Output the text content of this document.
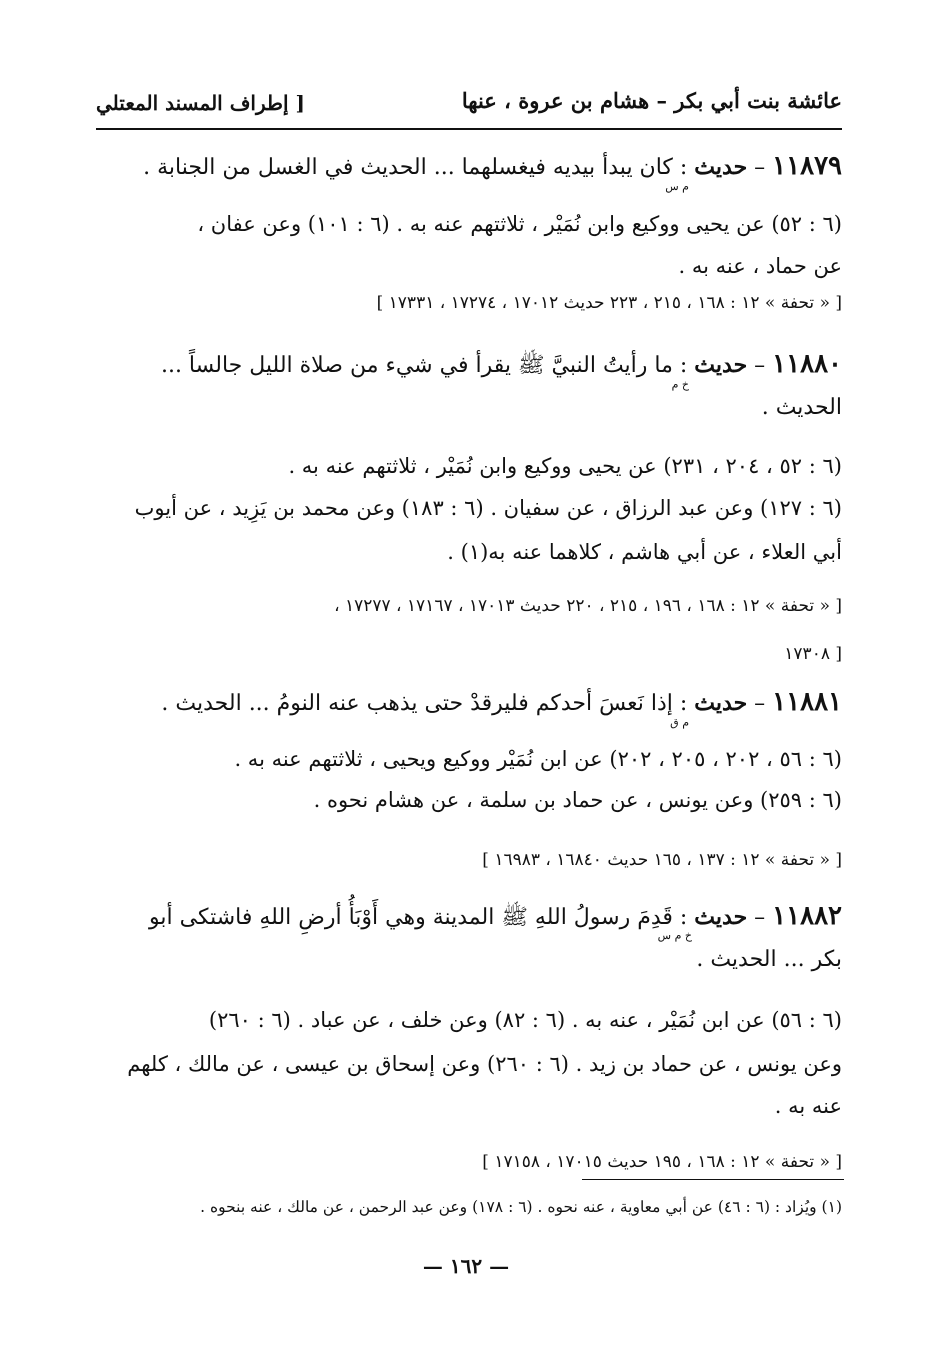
عائشة بنت أبي بكر – هشام بن عروة ، عنها
[ إطراف المسند المعتلي
١١٨٧٩ – حديث : كان يبدأ بيديه فيغسلهما ... الحديث في الغسل من الجنابة .
م س
(٦ : ٥٢) عن يحيى ووكيع وابن نُمَيْر ، ثلاثتهم عنه به . (٦ : ١٠١) وعن عفان ،
عن حماد ، عنه به .
[ « تحفة » ١٢ : ١٦٨ ، ٢١٥ ، ٢٢٣ حديث ١٧٠١٢ ، ١٧٢٧٤ ، ١٧٣٣١ ]
١١٨٨٠ – حديث : ما رأيتُ النبيَّ ﷺ يقرأ في شيء من صلاة الليل جالساً ...
خ م
الحديث .
(٦ : ٥٢ ، ٢٠٤ ، ٢٣١) عن يحيى ووكيع وابن نُمَيْر ، ثلاثتهم عنه به .
(٦ : ١٢٧) وعن عبد الرزاق ، عن سفيان . (٦ : ١٨٣) وعن محمد بن يَزِيد ، عن أيوب
أبي العلاء ، عن أبي هاشم ، كلاهما عنه به(١) .
[ « تحفة » ١٢ : ١٦٨ ، ١٩٦ ، ٢١٥ ، ٢٢٠ حديث ١٧٠١٣ ، ١٧١٦٧ ، ١٧٢٧٧ ،
١٧٣٠٨ ]
١١٨٨١ – حديث : إذا نَعسَ أحدكم فليرقدْ حتى يذهب عنه النومُ ... الحديث .
م ق
(٦ : ٥٦ ، ٢٠٢ ، ٢٠٥ ، ٢٠٢) عن ابن نُمَيْر ووكيع ويحيى ، ثلاثتهم عنه به .
(٦ : ٢٥٩) وعن يونس ، عن حماد بن سلمة ، عن هشام نحوه .
[ « تحفة » ١٢ : ١٣٧ ، ١٦٥ حديث ١٦٨٤٠ ، ١٦٩٨٣ ]
١١٨٨٢ – حديث : قَدِمَ رسولُ اللهِ ﷺ المدينة وهي أَوْبَأُ أرضِ اللهِ فاشتكى أبو
خ م س
بكر ... الحديث .
(٦ : ٥٦) عن ابن نُمَيْر ، عنه به . (٦ : ٨٢) وعن خلف ، عن عباد . (٦ : ٢٦٠)
وعن يونس ، عن حماد بن زيد . (٦ : ٢٦٠) وعن إسحاق بن عيسى ، عن مالك ، كلهم
عنه به .
[ « تحفة » ١٢ : ١٦٨ ، ١٩٥ حديث ١٧٠١٥ ، ١٧١٥٨ ]
(١) ويُزاد : (٦ : ٤٦) عن أبي معاوية ، عنه نحوه . (٦ : ١٧٨) وعن عبد الرحمن ، عن مالك ، عنه بنحوه .
— ١٦٢ —
